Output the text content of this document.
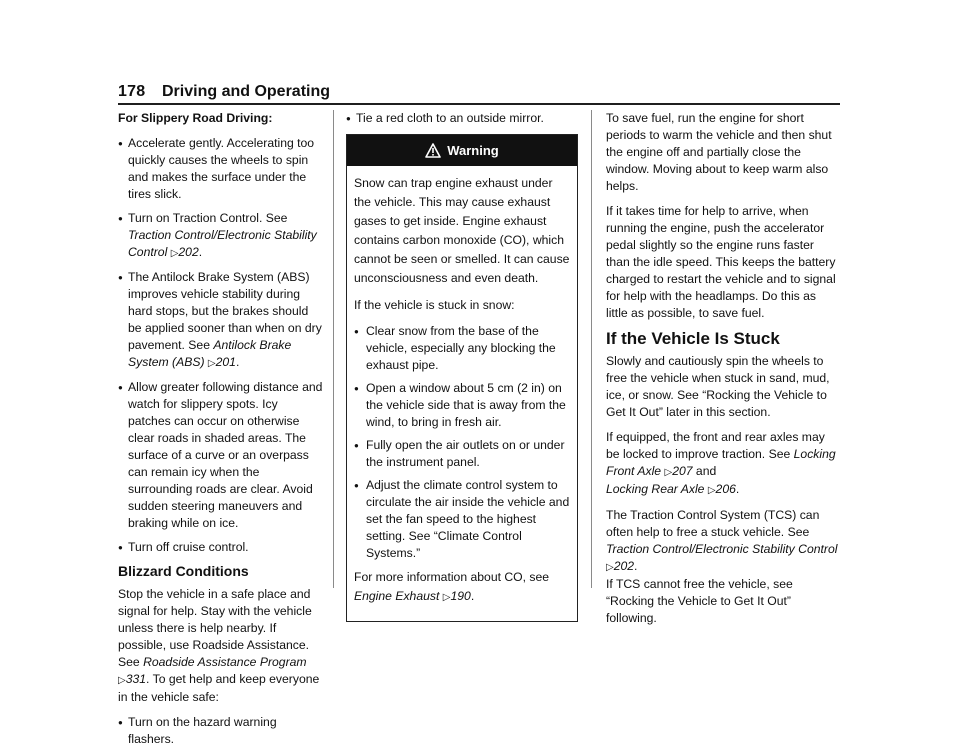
178 Driving and Operating

For Slippery Road Driving:

● Accelerate gently. Accelerating too quickly causes the wheels to spin and makes the surface under the tires slick.
● Turn on Traction Control. See Traction Control/Electronic Stability Control ▷202.
● The Antilock Brake System (ABS) improves vehicle stability during hard stops, but the brakes should be applied sooner than when on dry pavement. See Antilock Brake System (ABS) ▷201.
● Allow greater following distance and watch for slippery spots. Icy patches can occur on otherwise clear roads in shaded areas. The surface of a curve or an overpass can remain icy when the surrounding roads are clear. Avoid sudden steering maneuvers and braking while on ice.
● Turn off cruise control.
Blizzard Conditions

Stop the vehicle in a safe place and signal for help. Stay with the vehicle unless there is help nearby. If possible, use Roadside Assistance. See Roadside Assistance Program ▷331. To get help and keep everyone in the vehicle safe:

● Turn on the hazard warning flashers.
● Tie a red cloth to an outside mirror.
Warning

Snow can trap engine exhaust under the vehicle. This may cause exhaust gases to get inside. Engine exhaust contains carbon monoxide (CO), which cannot be seen or smelled. It can cause unconsciousness and even death.

If the vehicle is stuck in snow:

● Clear snow from the base of the vehicle, especially any blocking the exhaust pipe.
● Open a window about 5 cm (2 in) on the vehicle side that is away from the wind, to bring in fresh air.
● Fully open the air outlets on or under the instrument panel.
● Adjust the climate control system to circulate the air inside the vehicle and set the fan speed to the highest setting. See “Climate Control Systems.”

For more information about CO, see Engine Exhaust ▷190.

To save fuel, run the engine for short periods to warm the vehicle and then shut the engine off and partially close the window. Moving about to keep warm also helps.

If it takes time for help to arrive, when running the engine, push the accelerator pedal slightly so the engine runs faster than the idle speed. This keeps the battery charged to restart the vehicle and to signal for help with the headlamps. Do this as little as possible, to save fuel.

If the Vehicle Is Stuck

Slowly and cautiously spin the wheels to free the vehicle when stuck in sand, mud, ice, or snow. See “Rocking the Vehicle to Get It Out” later in this section.

If equipped, the front and rear axles may be locked to improve traction. See Locking Front Axle ▷207 and
Locking Rear Axle ▷206.

The Traction Control System (TCS) can often help to free a stuck vehicle. See Traction Control/Electronic Stability Control ▷202.

If TCS cannot free the vehicle, see “Rocking the Vehicle to Get It Out” following.
